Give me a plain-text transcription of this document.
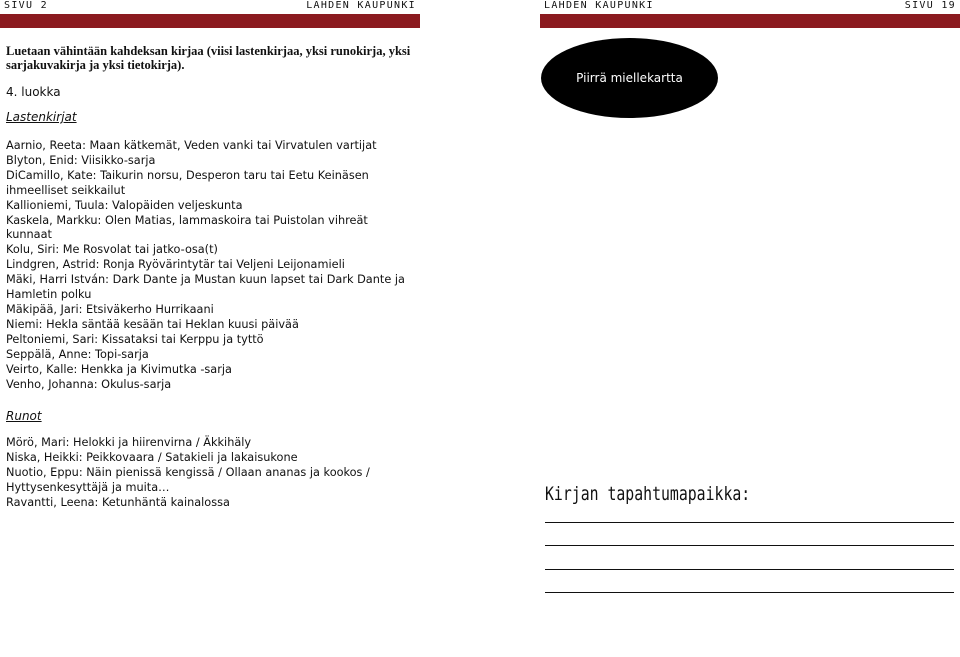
SIVU 2	LAHDEN KAUPUNKI
Luetaan vähintään kahdeksan kirjaa (viisi lastenkirjaa, yksi runokirja, yksi sarjakuvakirja ja yksi tietokirja).
4. luokka
Lastenkirjat
Aarnio, Reeta: Maan kätkemät, Veden vanki tai Virvatulen vartijat
Blyton, Enid: Viisikko-sarja
DiCamillo, Kate: Taikurin norsu, Desperon taru tai Eetu Keinäsen ihmeelliset seikkailut
Kallioniemi, Tuula: Valopäiden veljeskunta
Kaskela, Markku: Olen Matias, lammaskoira tai Puistolan vihreät kunnaat
Kolu, Siri: Me Rosvolat tai jatko-osa(t)
Lindgren, Astrid: Ronja Ryövärintytär tai Veljeni Leijonamieli
Mäki, Harri István: Dark Dante ja Mustan kuun lapset tai Dark Dante ja Hamletin polku
Mäkipää, Jari: Etsiväkerho Hurrikaani
Niemi: Hekla säntää kesään tai Heklan kuusi päivää
Peltoniemi, Sari: Kissataksi tai Kerppu ja tyttö
Seppälä, Anne: Topi-sarja
Veirto, Kalle: Henkka ja Kivimutka -sarja
Venho, Johanna: Okulus-sarja
Runot
Mörö, Mari: Helokki ja hiirenvirna / Äkkihäly
Niska, Heikki: Peikkovaara / Satakieli ja lakaisukone
Nuotio, Eppu: Näin pienissä kengissä / Ollaan ananas ja kookos / Hyttysenkesyttäjä ja muita…
Ravantti, Leena: Ketunhäntä kainalossa
LAHDEN KAUPUNKI	SIVU 19
Piirrä miellekartta
Kirjan tapahtumapaikka:
